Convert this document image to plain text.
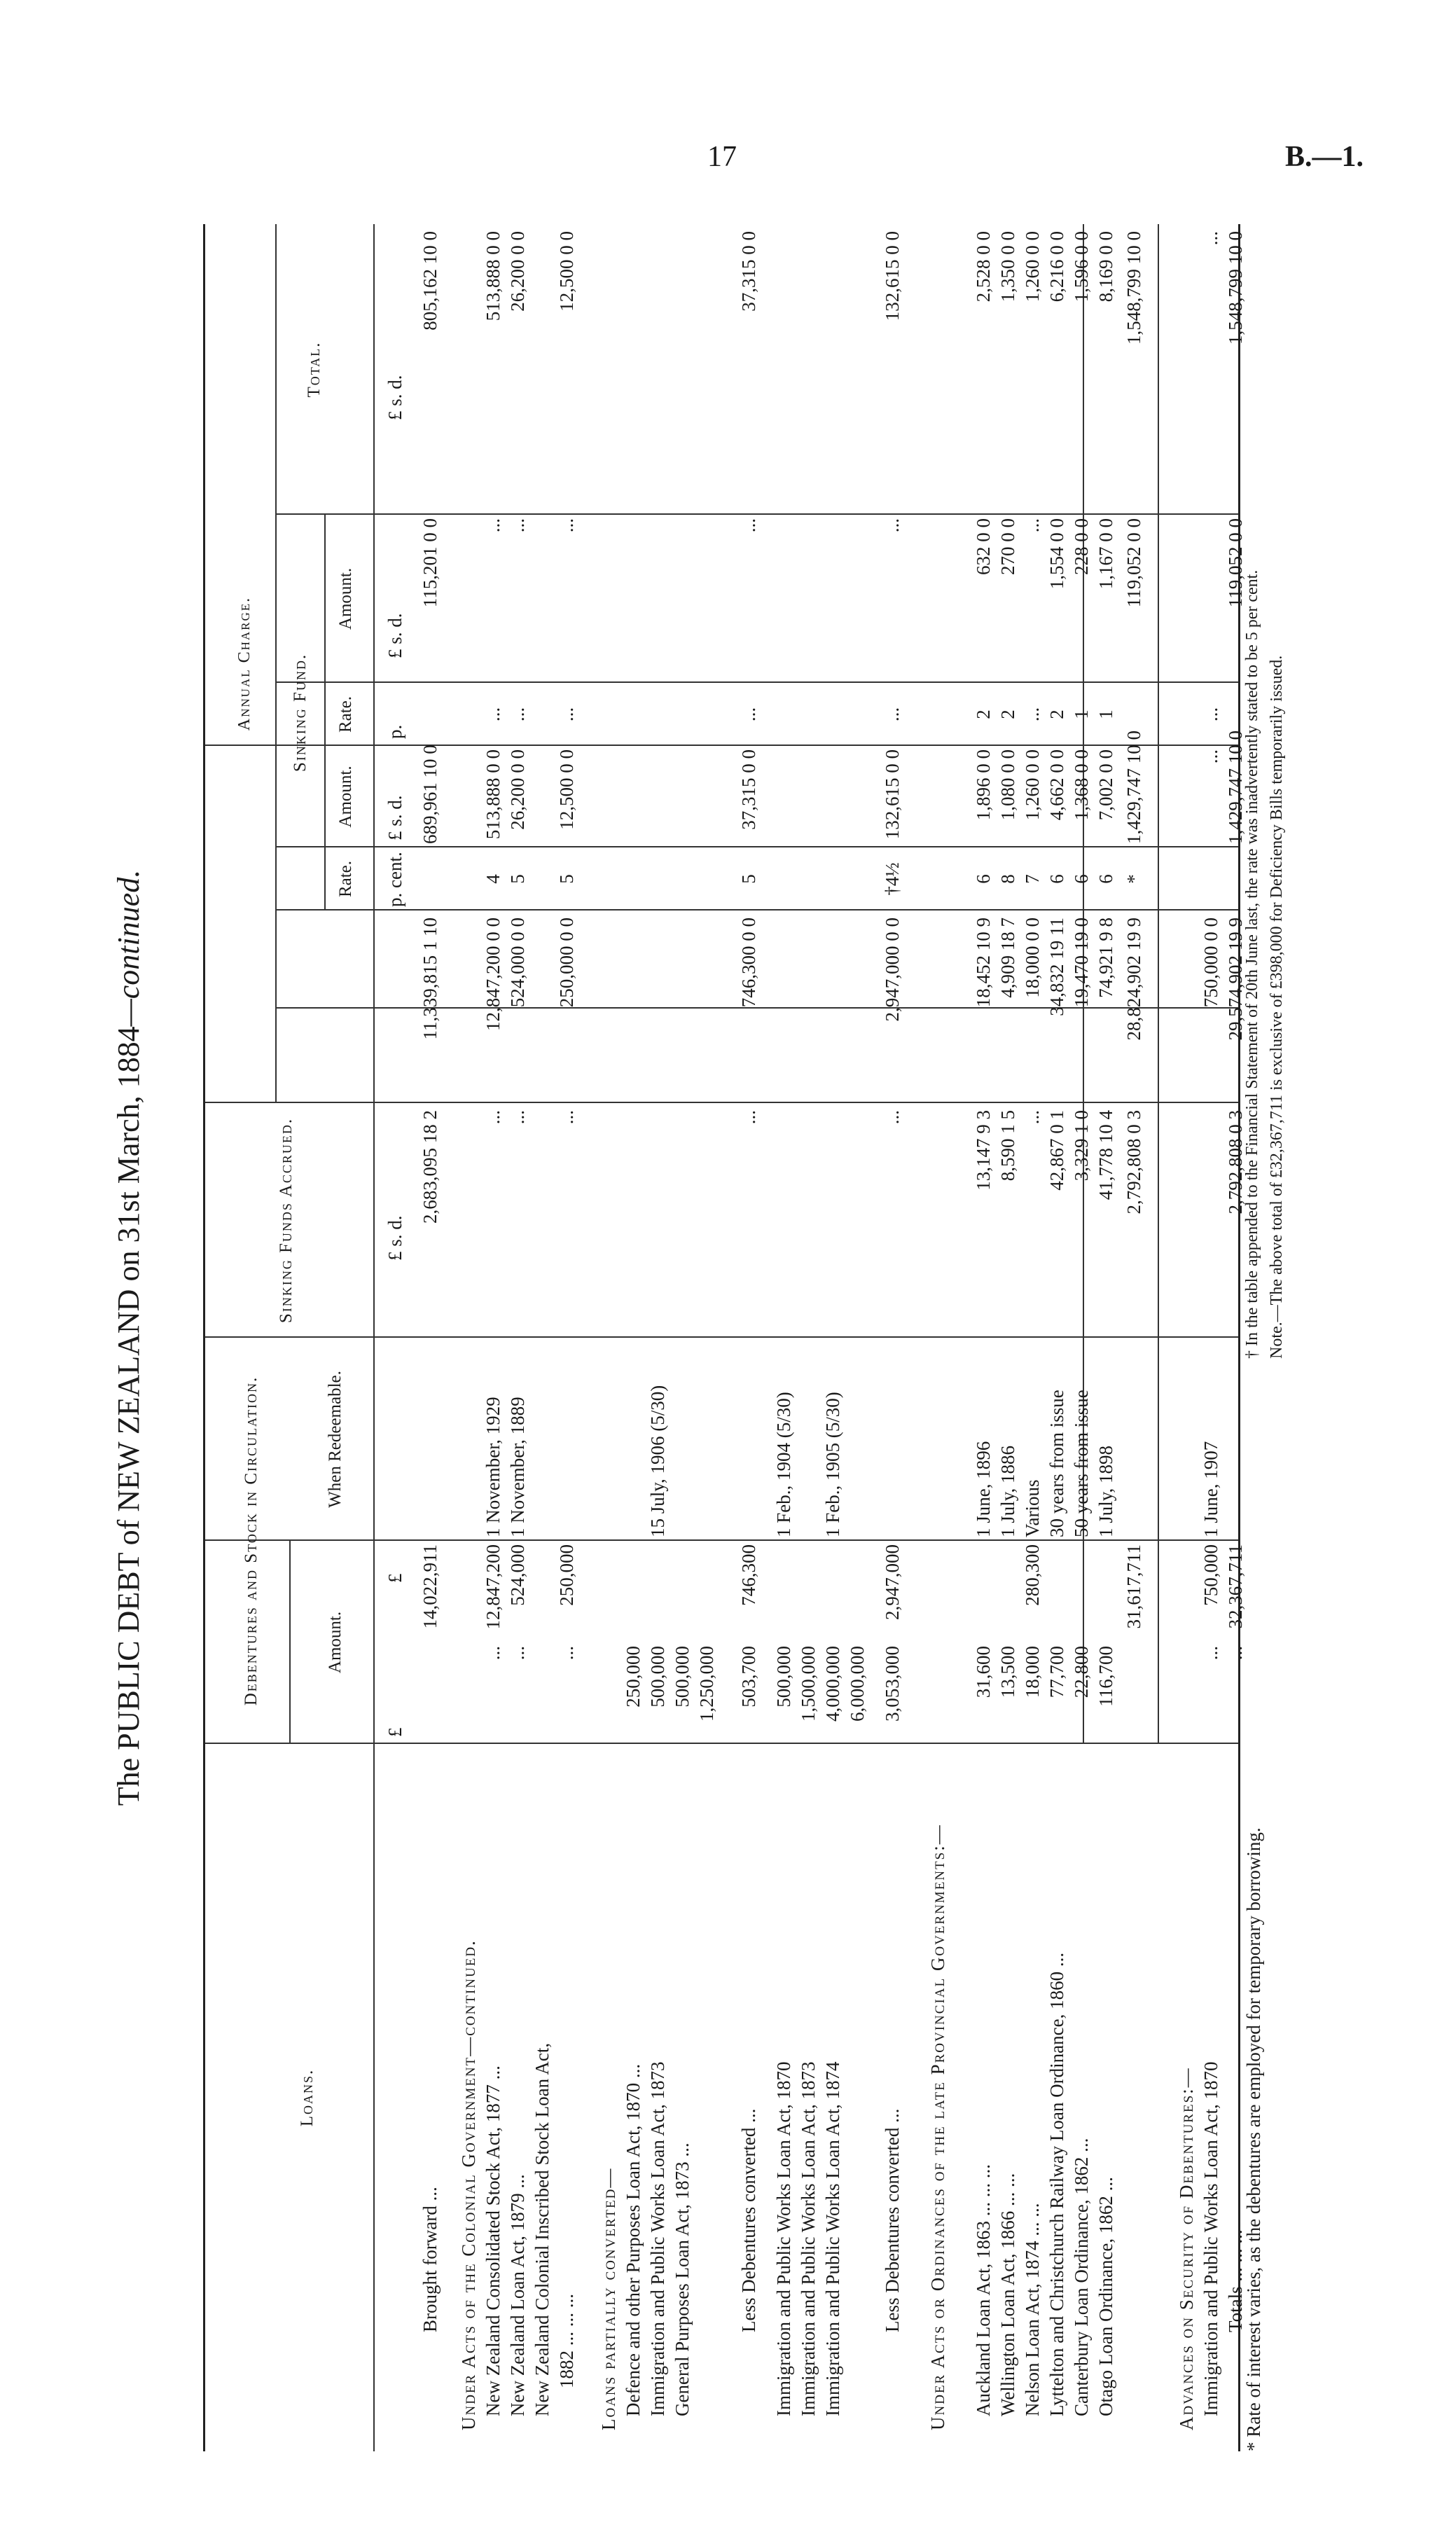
17	B.—1.
The PUBLIC DEBT of NEW ZEALAND on 31st March, 1884—continued.
Loans.
Debentures and Stock in Circulation.	Amount.
When Redeemable.
Sinking Funds Accrued.
Annual Charge.
Rate.
Amount.
Sinking Fund. Rate.
Amount.
Total.
Brought forward ...
14,022,911
2,683,095 18 2
11,339,815 1 10
689,961 10 0
115,201 0 0
805,162 10 0
Under Acts of the Colonial Government—continued. New Zealand Consolidated Stock Act, 1877 ...
...
12,847,200
1 November, 1929
...
12,847,200 0 0
4
513,888 0 0
...
...
513,888 0 0
New Zealand Loan Act, 1879 ...
...
524,000
1 November, 1889
...
524,000 0 0
5
26,200 0 0
...
...
26,200 0 0
New Zealand Colonial Inscribed Stock Loan Act, 1882 ... ... ...
...
250,000
...
250,000 0 0
5
12,500 0 0
...
...
12,500 0 0
Loans partially converted— Defence and other Purposes Loan Act, 1870 ...
250,000
Immigration and Public Works Loan Act, 1873
500,000
15 July, 1906 (5/30)
General Purposes Loan Act, 1873 ...
500,000 1,250,000
Less Debentures converted ...
503,700
746,300
...
746,300 0 0
5
37,315 0 0
...
...
37,315 0 0
Immigration and Public Works Loan Act, 1870
500,000
1 Feb., 1904 (5/30)
Immigration and Public Works Loan Act, 1873
1,500,000
Immigration and Public Works Loan Act, 1874
4,000,000
1 Feb., 1905 (5/30)
6,000,000
Less Debentures converted ...
3,053,000
2,947,000
...
2,947,000 0 0
†4½
132,615 0 0
...
...
132,615 0 0
Under Acts or Ordinances of the late Provincial Governments:— Auckland Loan Act, 1863 ... ... ...
31,600
1 June, 1896
13,147 9 3
18,452 10 9
6
1,896 0 0
2
632 0 0
2,528 0 0
Wellington Loan Act, 1866 ... ...
13,500
1 July, 1886
8,590 1 5
4,909 18 7
8
1,080 0 0
2
270 0 0
1,350 0 0
Nelson Loan Act, 1874 ... ...
18,000
280,300
Various
...
18,000 0 0
7
1,260 0 0
...
...
1,260 0 0
Lyttelton and Christchurch Railway Loan Ordinance, 1860 ...
77,700
30 years from issue
42,867 0 1
34,832 19 11
6
4,662 0 0
2
1,554 0 0
6,216 0 0
Canterbury Loan Ordinance, 1862 ...
22,800
50 years from issue
3,329 1 0
19,470 19 0
6
1,368 0 0
1
228 0 0
1,596 0 0
Otago Loan Ordinance, 1862 ...
116,700
1 July, 1898
41,778 10 4
74,921 9 8
6
7,002 0 0
1
1,167 0 0
8,169 0 0
31,617,711
2,792,808 0 3
28,824,902 19 9
*
1,429,747 10 0
119,052 0 0
1,548,799 10 0
Advances on Security of Debentures:— Immigration and Public Works Loan Act, 1870
...
750,000
1 June, 1907
750,000 0 0
...
...
...
Totals ... ... ...
...
32,367,711
2,792,808 0 3
29,574,902 19 9
1,429,747 10 0
119,052 0 0
1,548,799 10 0
£
£
£ s. d.
£ s. d.
p. cent.
p.
£ s. d.
£ s. d.
* Rate of interest varies, as the debentures are employed for temporary borrowing.
† In the table appended to the Financial Statement of 20th June last, the rate was inadvertently stated to be 5 per cent. Note.—The above total of £32,367,711 is exclusive of £398,000 for Deficiency Bills temporarily issued.
